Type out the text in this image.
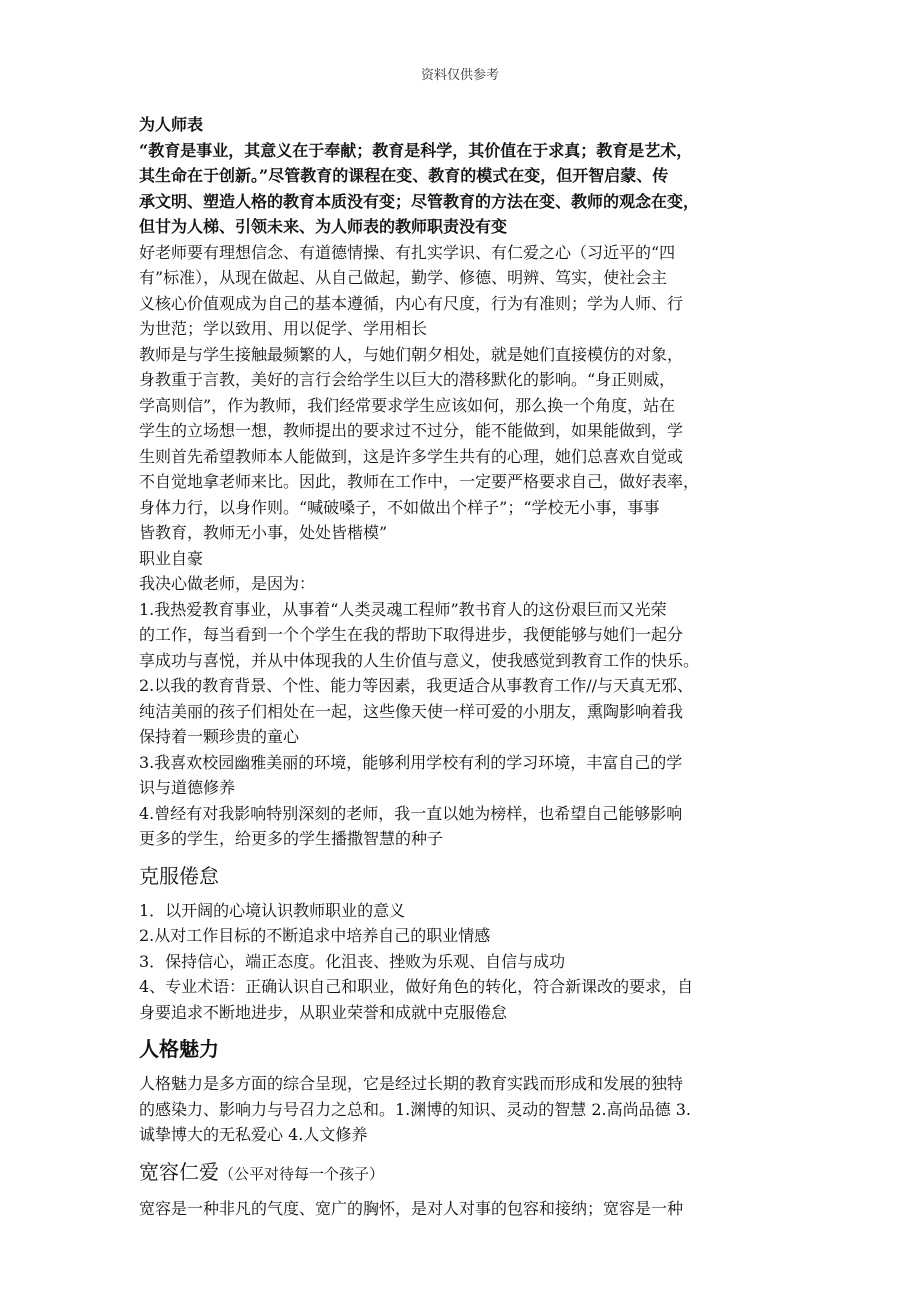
资料仅供参考

为人师表

“教育是事业，其意义在于奉献；教育是科学，其价值在于求真；教育是艺术，
其生命在于创新。”尽管教育的课程在变、教育的模式在变，但开智启蒙、传
承文明、塑造人格的教育本质没有变；尽管教育的方法在变、教师的观念在变，
但甘为人梯、引领未来、为人师表的教师职责没有变

好老师要有理想信念、有道德情操、有扎实学识、有仁爱之心（习近平的“四
有”标准），从现在做起、从自己做起，勤学、修德、明辨、笃实，使社会主
义核心价值观成为自己的基本遵循，内心有尺度，行为有准则；学为人师、行
为世范；学以致用、用以促学、学用相长

教师是与学生接触最频繁的人，与她们朝夕相处，就是她们直接模仿的对象，
身教重于言教，美好的言行会给学生以巨大的潜移默化的影响。“身正则威，
学高则信”，作为教师，我们经常要求学生应该如何，那么换一个角度，站在
学生的立场想一想，教师提出的要求过不过分，能不能做到，如果能做到，学
生则首先希望教师本人能做到，这是许多学生共有的心理，她们总喜欢自觉或
不自觉地拿老师来比。因此，教师在工作中，一定要严格要求自己，做好表率，
身体力行，以身作则。“喊破嗓子，不如做出个样子”；“学校无小事，事事
皆教育，教师无小事，处处皆楷模”

职业自豪

我决心做老师，是因为：

1.我热爱教育事业，从事着“人类灵魂工程师”教书育人的这份艰巨而又光荣
的工作，每当看到一个个学生在我的帮助下取得进步，我便能够与她们一起分
享成功与喜悦，并从中体现我的人生价值与意义，使我感觉到教育工作的快乐。

2.以我的教育背景、个性、能力等因素，我更适合从事教育工作//与天真无邪、
纯洁美丽的孩子们相处在一起，这些像天使一样可爱的小朋友，熏陶影响着我
保持着一颗珍贵的童心

3.我喜欢校园幽雅美丽的环境，能够利用学校有利的学习环境，丰富自己的学
识与道德修养

4.曾经有对我影响特别深刻的老师，我一直以她为榜样，也希望自己能够影响
更多的学生，给更多的学生播撒智慧的种子

克服倦怠

1．以开阔的心境认识教师职业的意义

2.从对工作目标的不断追求中培养自己的职业情感

3．保持信心，端正态度。化沮丧、挫败为乐观、自信与成功

4、专业术语：正确认识自己和职业，做好角色的转化，符合新课改的要求，自
身要追求不断地进步，从职业荣誉和成就中克服倦怠

人格魅力

人格魅力是多方面的综合呈现，它是经过长期的教育实践而形成和发展的独特
的感染力、影响力与号召力之总和。1.渊博的知识、灵动的智慧 2.高尚品德 3.
诚挚博大的无私爱心 4.人文修养

宽容仁爱（公平对待每一个孩子）

宽容是一种非凡的气度、宽广的胸怀，是对人对事的包容和接纳；宽容是一种
